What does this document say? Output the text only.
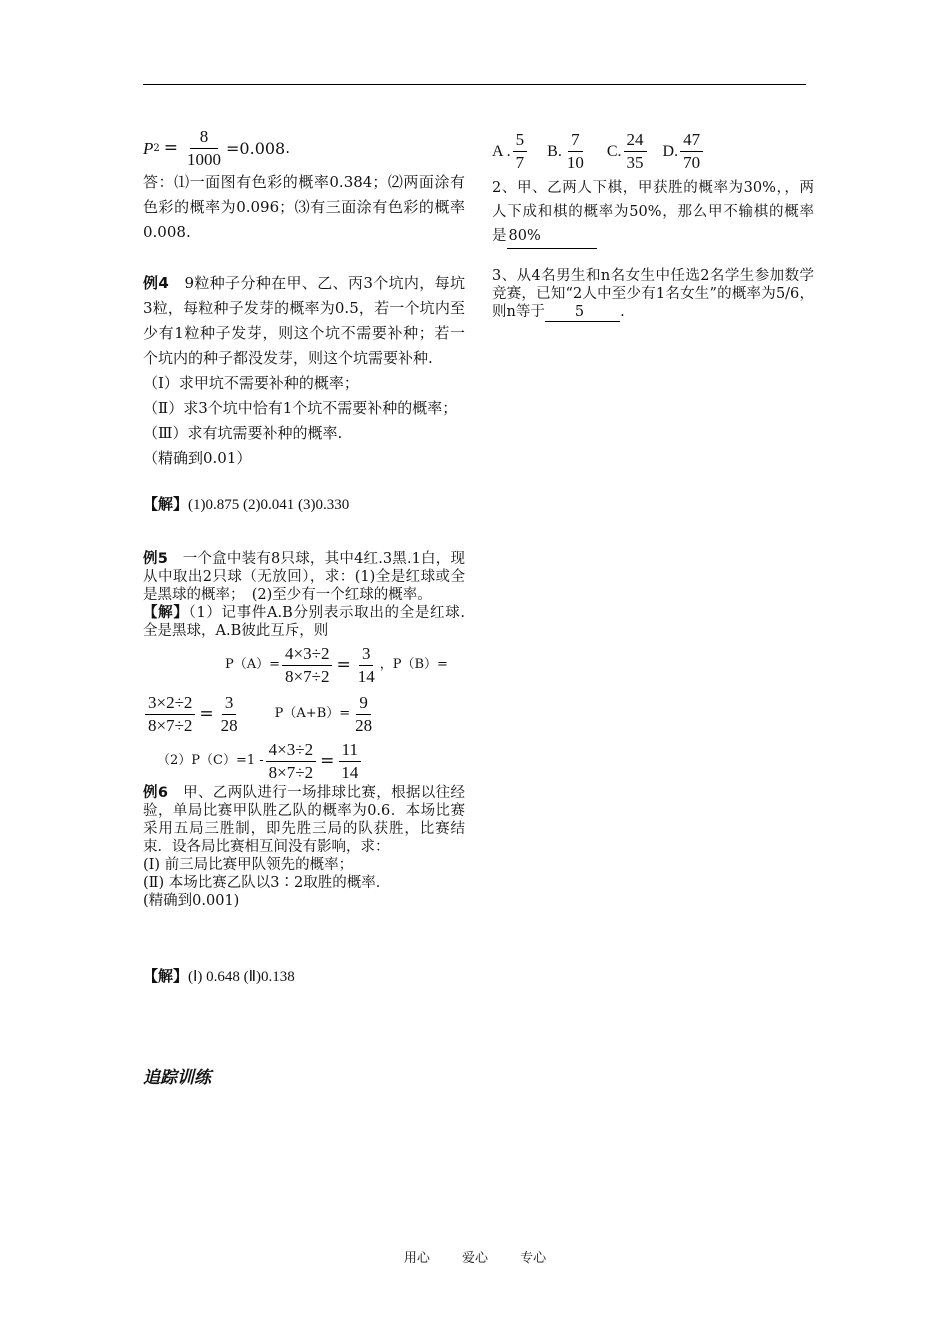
P $2 = \frac{8}{1000} =0.008$ .

答：⑴一面图有色彩的概率0.384；⑵两面涂有色彩的概率为0.096；⑶有三面涂有色彩的概率0.008.

例4　9粒种子分种在甲、乙、丙3个坑内，每坑3粒，每粒种子发芽的概率为0.5，若一个坑内至少有1粒种子发芽，则这个坑不需要补种；若一个坑内的种子都没发芽，则这个坑需要补种.

（Ⅰ）求甲坑不需要补种的概率；

（Ⅱ）求3个坑中恰有1个坑不需要补种的概率；

（Ⅲ）求有坑需要补种的概率.

（精确到0.01）

【解】(1)0.875 (2)0.041 (3)0.330

例5　一个盒中装有8只球，其中4红.3黑.1白，现从中取出2只球（无放回），求：(1)全是红球或全是黑球的概率；　(2)至少有一个红球的概率。

【解】（1）记事件A.B分别表示取出的全是红球.全是黑球，A.B彼此互斥，则

$P(A)= \frac{4\times 3\div 2}{8\times 7\div 2} = \frac{3}{14}$ ，P（B）=
$\frac{3\times 2\div 2}{8\times 7\div 2} = \frac{3}{28}$	$P(A+B)= \frac{9}{28}$
$(2)P(C)=1 - \frac{4\times 3\div 2}{8\times 7\div 2} = \frac{11}{14}$

例6　甲、乙两队进行一场排球比赛，根据以往经验，单局比赛甲队胜乙队的概率为0.6．本场比赛采用五局三胜制，即先胜三局的队获胜，比赛结束．设各局比赛相互间没有影响，求：

(Ⅰ) 前三局比赛甲队领先的概率；

(Ⅱ) 本场比赛乙队以3∶2取胜的概率．

(精确到0.001)

【解】(Ⅰ) 0.648 (Ⅱ)0.138

追踪训练
A . $\frac{5}{7} B$. $\frac{7}{10} C$. $\frac{24}{35} D$. $\frac{47}{70}$

2、甲、乙两人下棋，甲获胜的概率为30%，，两人下成和棋的概率为50%，那么甲不输棋的概率是 80%

3、从4名男生和n名女生中任选2名学生参加数学竞赛，已知“2人中至少有1名女生”的概率为5/6，则n等于 5 .

用心 爱心 专心
